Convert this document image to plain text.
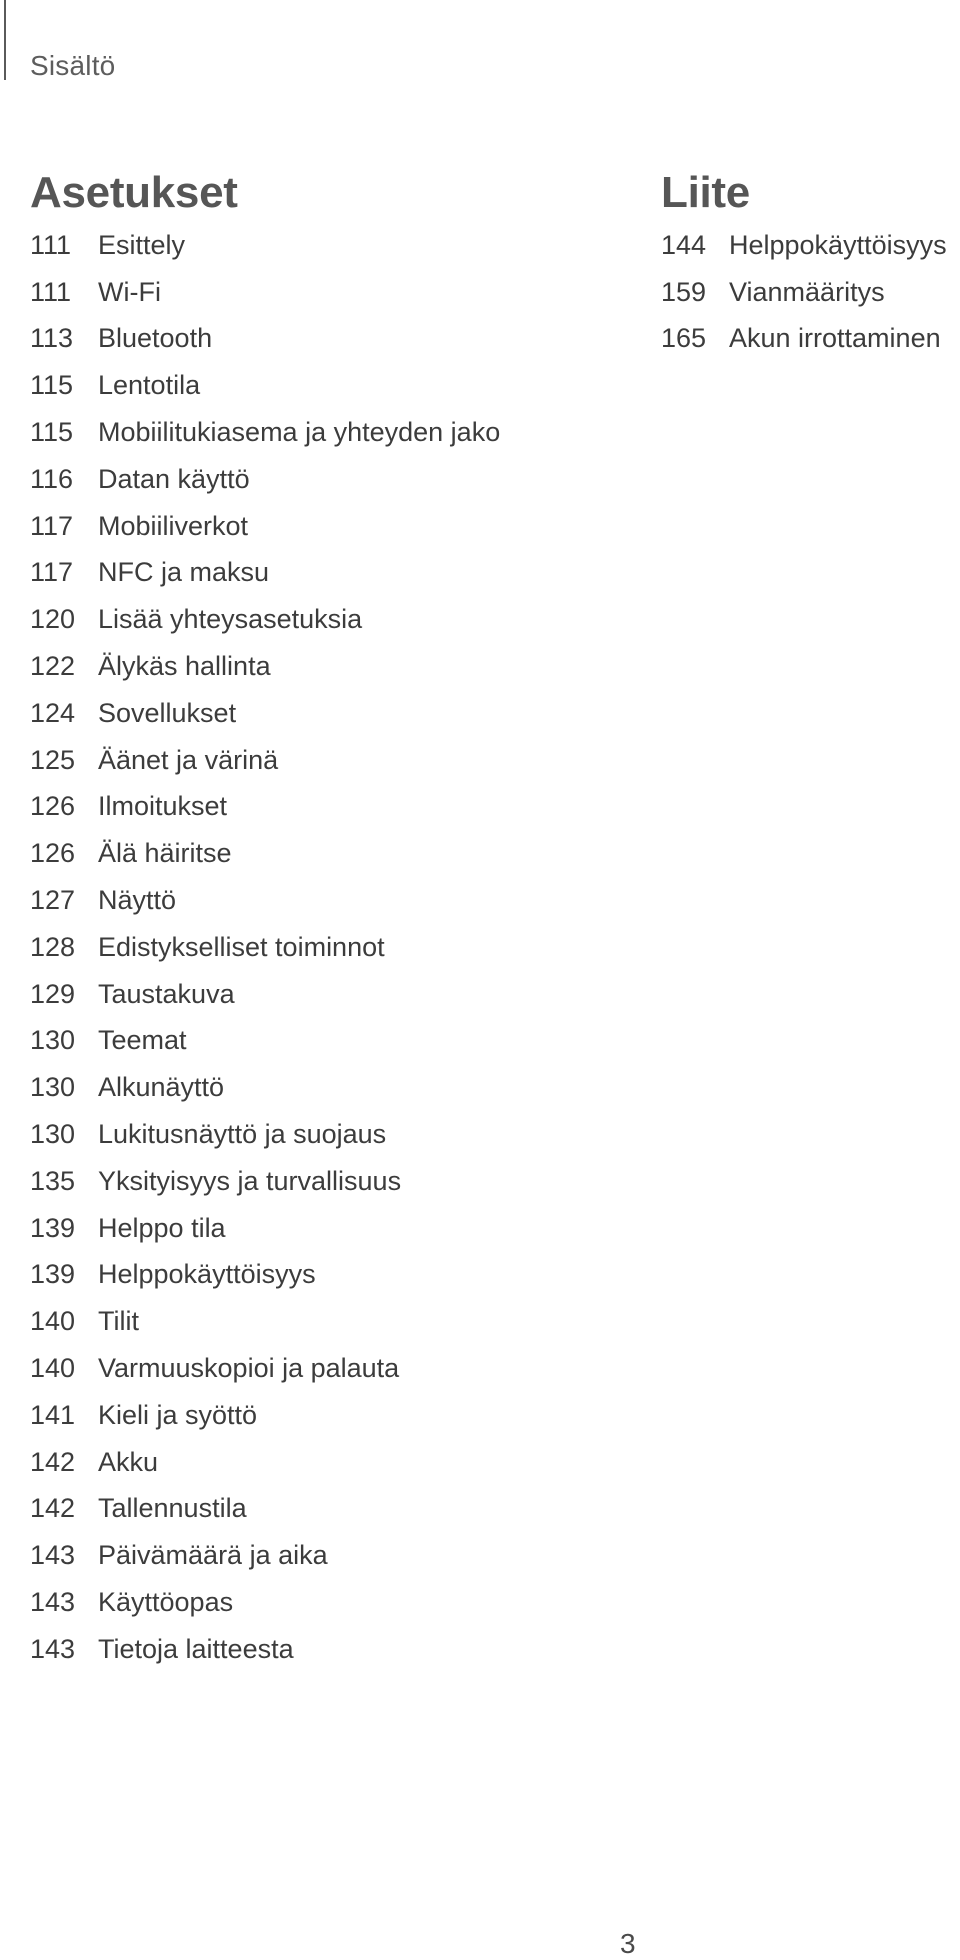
Sisältö
Asetukset
111 Esittely
111 Wi-Fi
113 Bluetooth
115 Lentotila
115 Mobiilitukiasema ja yhteyden jako
116 Datan käyttö
117 Mobiiliverkot
117 NFC ja maksu
120 Lisää yhteysasetuksia
122 Älykäs hallinta
124 Sovellukset
125 Äänet ja värinä
126 Ilmoitukset
126 Älä häiritse
127 Näyttö
128 Edistykselliset toiminnot
129 Taustakuva
130 Teemat
130 Alkunäyttö
130 Lukitusnäyttö ja suojaus
135 Yksityisyys ja turvallisuus
139 Helppo tila
139 Helppokäyttöisyys
140 Tilit
140 Varmuuskopioi ja palauta
141 Kieli ja syöttö
142 Akku
142 Tallennustila
143 Päivämäärä ja aika
143 Käyttöopas
143 Tietoja laitteesta
Liite
144 Helppokäyttöisyys
159 Vianmääritys
165 Akun irrottaminen
3
